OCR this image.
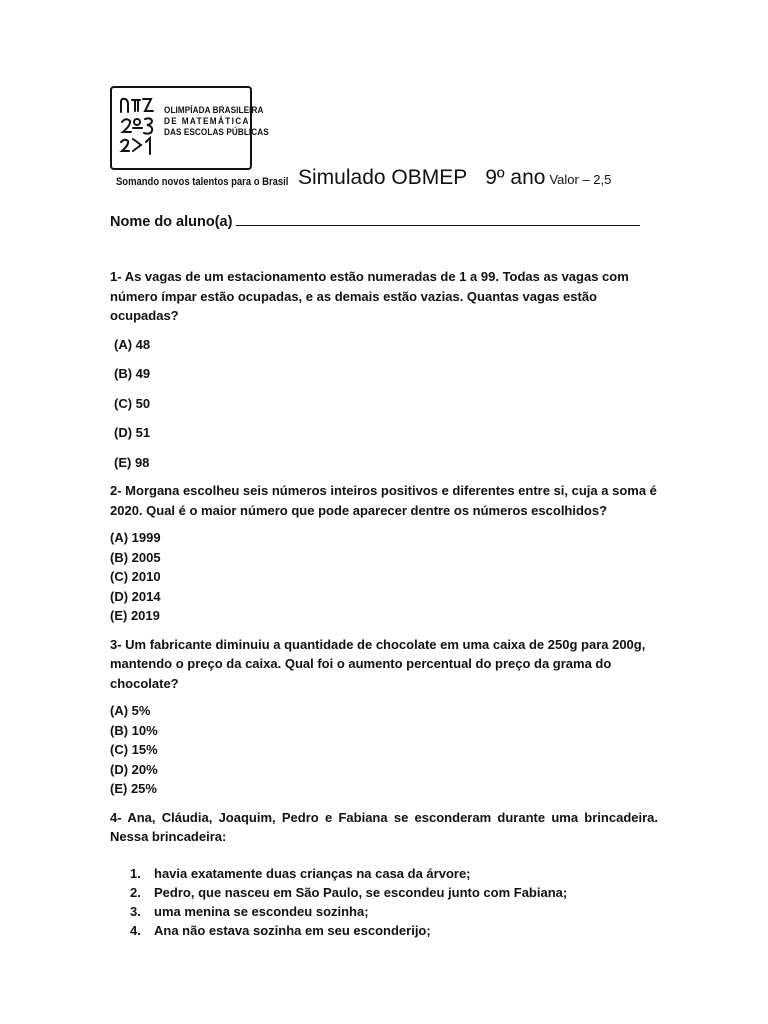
OLIMPÍADA BRASILEIRA
DE MATEMÁTICA
DAS ESCOLAS PÚBLICAS
Somando novos talentos para o Brasil Simulado OBMEP 9º ano Valor – 2,5
Nome do aluno(a)

1- As vagas de um estacionamento estão numeradas de 1 a 99. Todas as vagas com número ímpar estão ocupadas, e as demais estão vazias. Quantas vagas estão ocupadas?

(A) 48
(B) 49
(C) 50
(D) 51
(E) 98

2- Morgana escolheu seis números inteiros positivos e diferentes entre si, cuja a soma é 2020. Qual é o maior número que pode aparecer dentre os números escolhidos?

(A) 1999
(B) 2005
(C) 2010
(D) 2014
(E) 2019

3- Um fabricante diminuiu a quantidade de chocolate em uma caixa de 250g para 200g, mantendo o preço da caixa. Qual foi o aumento percentual do preço da grama do chocolate?

(A) 5%
(B) 10%
(C) 15%
(D) 20%
(E) 25%

4- Ana, Cláudia, Joaquim, Pedro e Fabiana se esconderam durante uma brincadeira. Nessa brincadeira:

1.	havia exatamente duas crianças na casa da árvore;
2.	Pedro, que nasceu em São Paulo, se escondeu junto com Fabiana;
3.	uma menina se escondeu sozinha;
4.	Ana não estava sozinha em seu esconderijo;
